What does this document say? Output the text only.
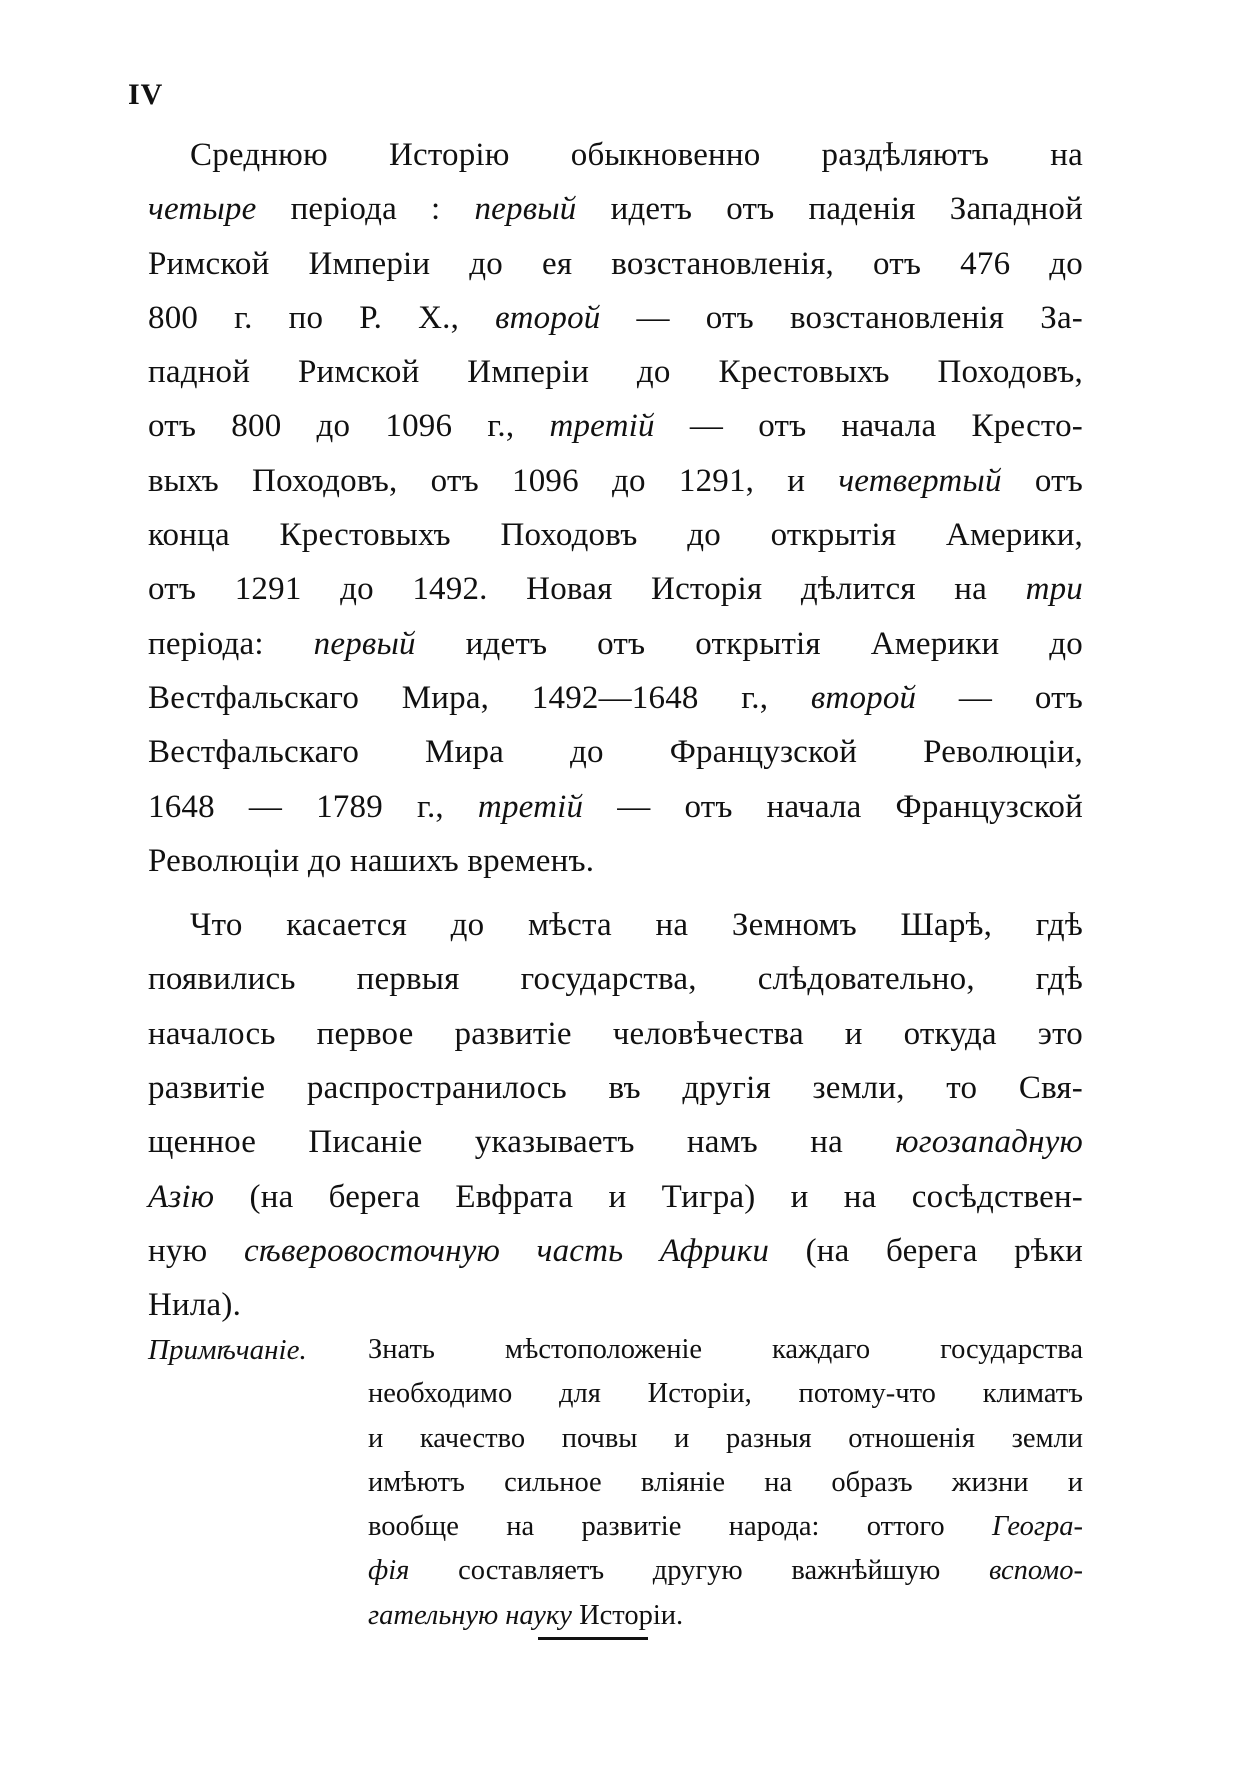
IV
Среднюю Исторію обыкновенно раздѣляютъ на
четыре періода : первый идетъ отъ паденія Западной
Римской Имперіи до ея возстановленія, отъ 476 до
800 г. по Р. Х., второй — отъ возстановленія За-
падной Римской Имперіи до Крестовыхъ Походовъ,
отъ 800 до 1096 г., третій — отъ начала Кресто-
выхъ Походовъ, отъ 1096 до 1291, и четвертый отъ
конца Крестовыхъ Походовъ до открытія Америки,
отъ 1291 до 1492. Новая Исторія дѣлится на три
періода: первый идетъ отъ открытія Америки до
Вестфальскаго Мира, 1492—1648 г., второй — отъ
Вестфальскаго Мира до Французской Революціи,
1648 — 1789 г., третій — отъ начала Французской
Революціи до нашихъ временъ.
Что касается до мѣста на Земномъ Шарѣ, гдѣ
появились первыя государства, слѣдовательно, гдѣ
началось первое развитіе человѣчества и откуда это
развитіе распространилось въ другія земли, то Свя-
щенное Писаніе указываетъ намъ на югозападную
Азію (на берега Евфрата и Тигра) и на сосѣдствен-
ную сѣверовосточную часть Африки (на берега рѣки
Нила).
Примѣчаніе. Знать мѣстоположеніе каждаго государства
необходимо для Исторіи, потому-что климатъ
и качество почвы и разныя отношенія земли
имѣютъ сильное вліяніе на образъ жизни и
вообще на развитіе народа: оттого Геогра-
фія составляетъ другую важнѣйшую вспомо-
гательную науку Исторіи.
